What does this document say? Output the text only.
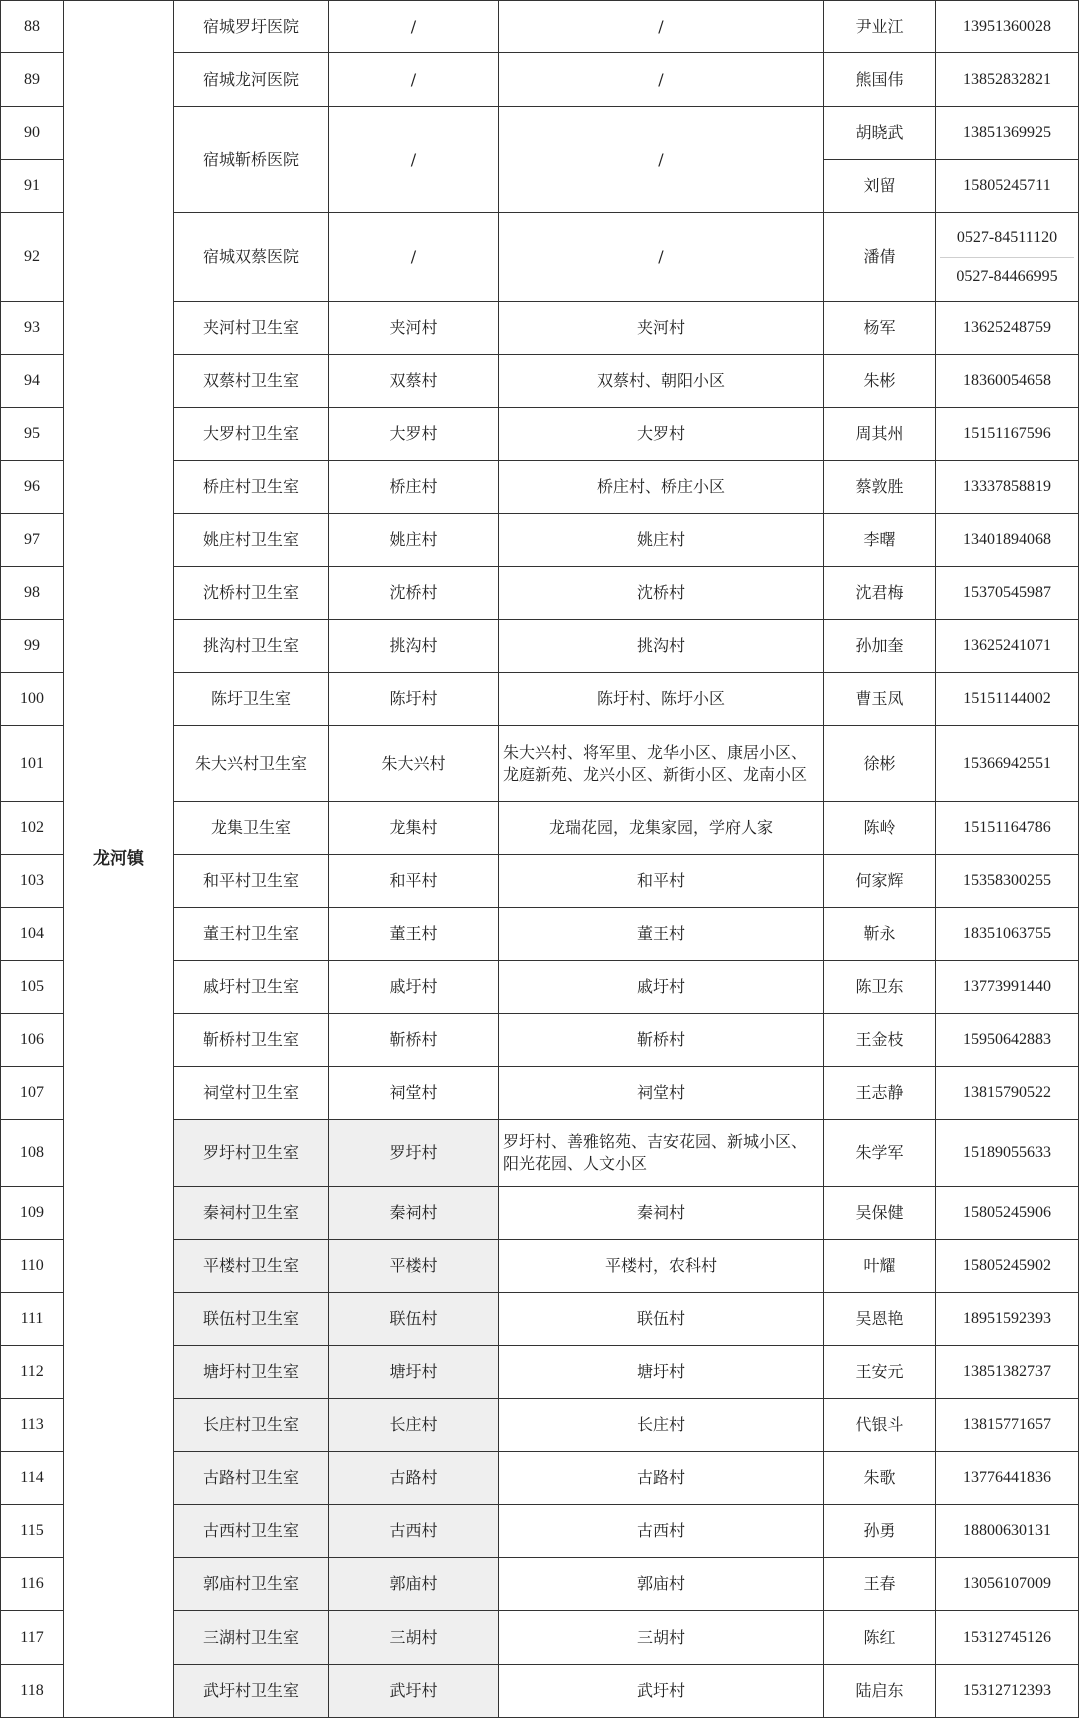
88	龙河镇	宿城罗圩医院	/	/	尹业江	13951360028
89		宿城龙河医院	/	/	熊国伟	13852832821
90		宿城靳桥医院	/	/	胡晓武	13851369925
91					刘留	15805245711
92		宿城双蔡医院	/	/	潘倩	0527-84511120
0527-84466995

93		夹河村卫生室	夹河村	夹河村	杨军	13625248759
94		双蔡村卫生室	双蔡村	双蔡村、朝阳小区	朱彬	18360054658
95		大罗村卫生室	大罗村	大罗村	周其州	15151167596
96		桥庄村卫生室	桥庄村	桥庄村、桥庄小区	蔡敦胜	13337858819
97		姚庄村卫生室	姚庄村	姚庄村	李曙	13401894068
98		沈桥村卫生室	沈桥村	沈桥村	沈君梅	15370545987
99		挑沟村卫生室	挑沟村	挑沟村	孙加奎	13625241071
100		陈圩卫生室	陈圩村	陈圩村、陈圩小区	曹玉凤	15151144002
101		朱大兴村卫生室	朱大兴村	朱大兴村、将军里、龙华小区、康居小区、龙庭新苑、龙兴小区、新街小区、龙南小区	徐彬	15366942551
102		龙集卫生室	龙集村	龙瑞花园，龙集家园，学府人家	陈岭	15151164786
103		和平村卫生室	和平村	和平村	何家辉	15358300255
104		董王村卫生室	董王村	董王村	靳永	18351063755
105		戚圩村卫生室	戚圩村	戚圩村	陈卫东	13773991440
106		靳桥村卫生室	靳桥村	靳桥村	王金枝	15950642883
107		祠堂村卫生室	祠堂村	祠堂村	王志静	13815790522
108		罗圩村卫生室	罗圩村	罗圩村、善雅铭苑、吉安花园、新城小区、阳光花园、人文小区	朱学军	15189055633
109		秦祠村卫生室	秦祠村	秦祠村	吴保健	15805245906
110		平楼村卫生室	平楼村	平楼村，农科村	叶耀	15805245902
111		联伍村卫生室	联伍村	联伍村	吴恩艳	18951592393
112		塘圩村卫生室	塘圩村	塘圩村	王安元	13851382737
113		长庄村卫生室	长庄村	长庄村	代银斗	13815771657
114		古路村卫生室	古路村	古路村	朱歌	13776441836
115		古西村卫生室	古西村	古西村	孙勇	18800630131
116		郭庙村卫生室	郭庙村	郭庙村	王春	13056107009
117		三湖村卫生室	三胡村	三胡村	陈红	15312745126
118		武圩村卫生室	武圩村	武圩村	陆启东	15312712393
